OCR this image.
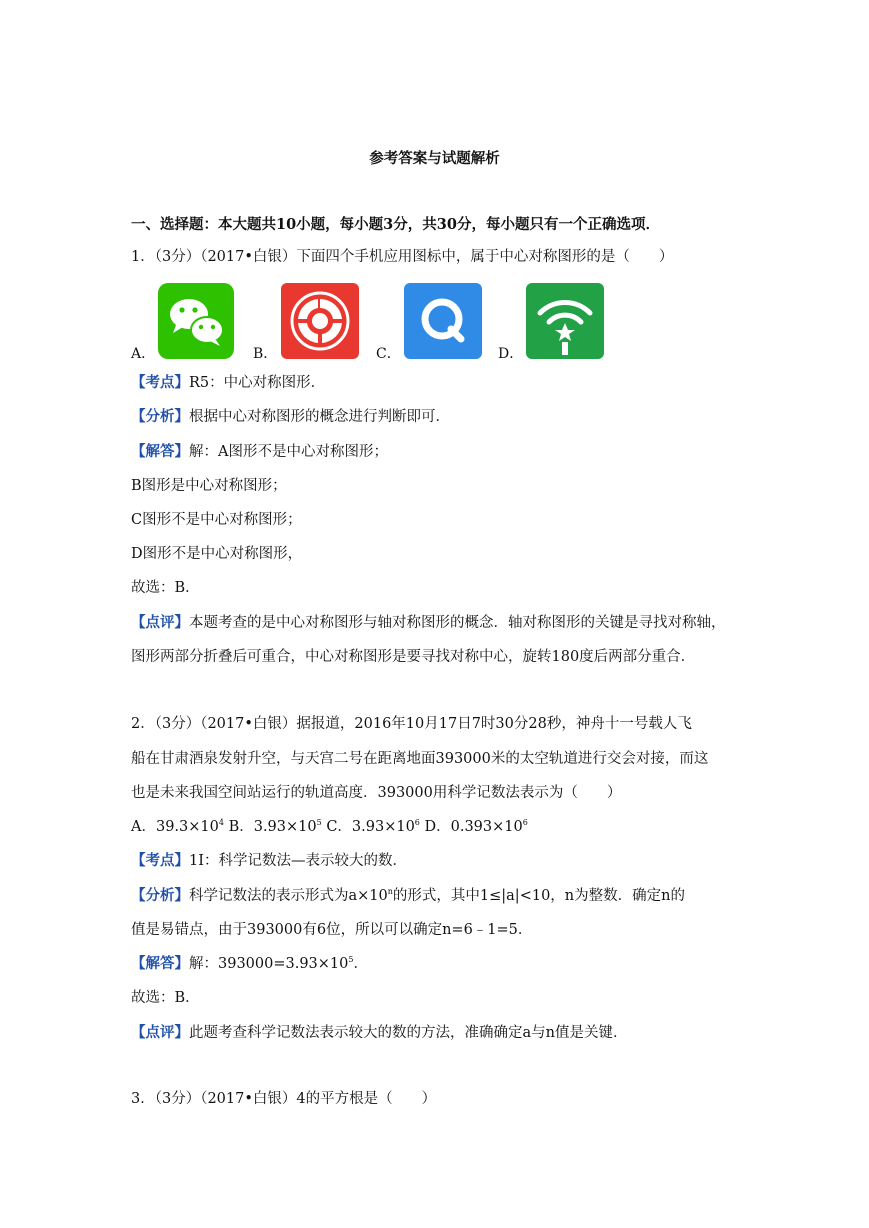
参考答案与试题解析
一、选择题：本大题共10小题，每小题3分，共30分，每小题只有一个正确选项．
1．（3分）（2017•白银）下面四个手机应用图标中，属于中心对称图形的是（　　）
A．	B．	C．	D．
【考点】R5：中心对称图形．
【分析】根据中心对称图形的概念进行判断即可．
【解答】解：A图形不是中心对称图形；
B图形是中心对称图形；
C图形不是中心对称图形；
D图形不是中心对称图形，
故选：B．
【点评】本题考查的是中心对称图形与轴对称图形的概念．轴对称图形的关键是寻找对称轴，
图形两部分折叠后可重合，中心对称图形是要寻找对称中心，旋转180度后两部分重合．
2．（3分）（2017•白银）据报道，2016年10月17日7时30分28秒，神舟十一号载人飞
船在甘肃酒泉发射升空，与天宫二号在距离地面393000米的太空轨道进行交会对接，而这
也是未来我国空间站运行的轨道高度．393000用科学记数法表示为（　　）
A．$39.3\times 10^4$ B．$3.93\times 10^5$ C．$3.93\times 10^6$ D．$0.393\times 10^6$
【考点】1I：科学记数法—表示较大的数．
【分析】科学记数法的表示形式为$a\times 10^n$的形式，其中1≤|a|<10，n为整数．确定n的
值是易错点，由于393000有6位，所以可以确定n=6﹣1=5．
【解答】解：$393000=3.93\times 10^5$．
故选：B．
【点评】此题考查科学记数法表示较大的数的方法，准确确定a与n值是关键．
3．（3分）（2017•白银）4的平方根是（　　）
